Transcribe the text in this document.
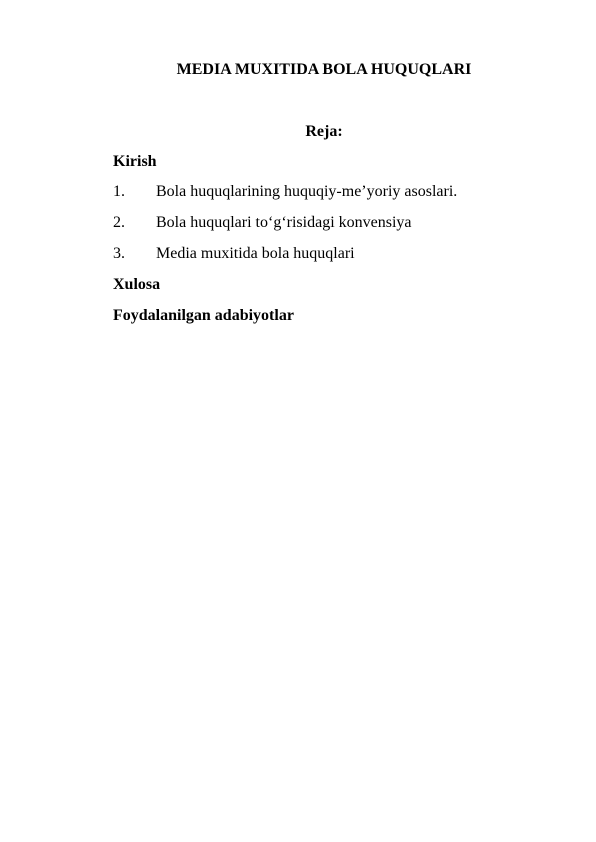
MEDIA MUXITIDA BOLA HUQUQLARI
Reja:
Kirish
1. Bola huquqlarining huquqiy-me’yoriy asoslari.
2. Bola huquqlari to‘g‘risidagi konvensiya
3. Media muxitida bola huquqlari
Xulosa
Foydalanilgan adabiyotlar
